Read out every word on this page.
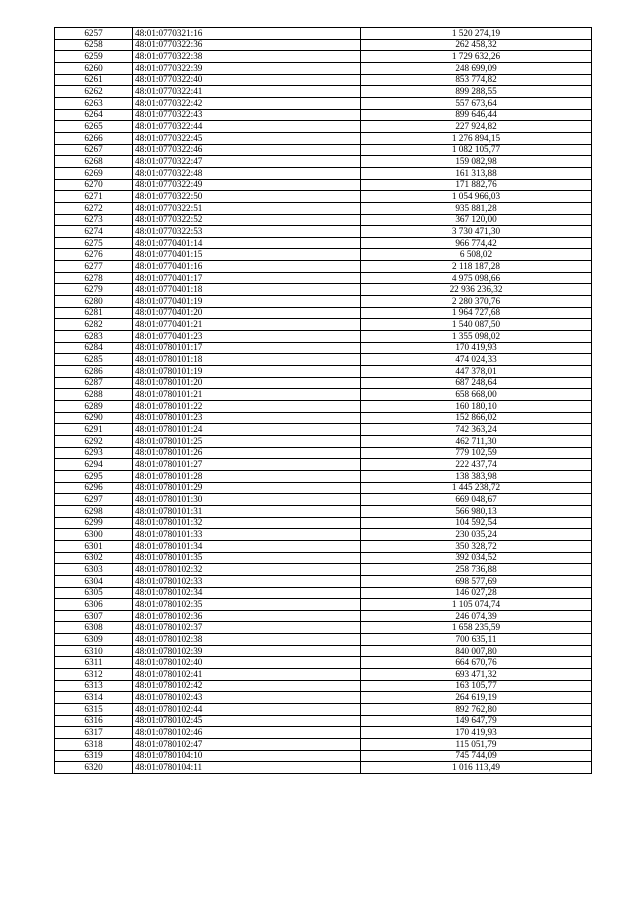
6257	48:01:0770321:16	1 520 274,19
6258	48:01:0770322:36	262 458,32
6259	48:01:0770322:38	1 729 632,26
6260	48:01:0770322:39	248 699,09
6261	48:01:0770322:40	853 774,82
6262	48:01:0770322:41	899 288,55
6263	48:01:0770322:42	557 673,64
6264	48:01:0770322:43	899 646,44
6265	48:01:0770322:44	227 924,82
6266	48:01:0770322:45	1 276 894,15
6267	48:01:0770322:46	1 082 105,77
6268	48:01:0770322:47	159 082,98
6269	48:01:0770322:48	161 313,88
6270	48:01:0770322:49	171 882,76
6271	48:01:0770322:50	1 054 966,03
6272	48:01:0770322:51	935 881,28
6273	48:01:0770322:52	367 120,00
6274	48:01:0770322:53	3 730 471,30
6275	48:01:0770401:14	966 774,42
6276	48:01:0770401:15	6 508,02
6277	48:01:0770401:16	2 118 187,28
6278	48:01:0770401:17	4 975 098,66
6279	48:01:0770401:18	22 936 236,32
6280	48:01:0770401:19	2 280 370,76
6281	48:01:0770401:20	1 964 727,68
6282	48:01:0770401:21	1 540 087,50
6283	48:01:0770401:23	1 355 098,02
6284	48:01:0780101:17	170 419,93
6285	48:01:0780101:18	474 024,33
6286	48:01:0780101:19	447 378,01
6287	48:01:0780101:20	687 248,64
6288	48:01:0780101:21	658 668,00
6289	48:01:0780101:22	160 180,10
6290	48:01:0780101:23	152 866,02
6291	48:01:0780101:24	742 363,24
6292	48:01:0780101:25	462 711,30
6293	48:01:0780101:26	779 102,59
6294	48:01:0780101:27	222 437,74
6295	48:01:0780101:28	138 383,98
6296	48:01:0780101:29	1 445 238,72
6297	48:01:0780101:30	669 048,67
6298	48:01:0780101:31	566 980,13
6299	48:01:0780101:32	104 592,54
6300	48:01:0780101:33	230 035,24
6301	48:01:0780101:34	350 328,72
6302	48:01:0780101:35	392 034,52
6303	48:01:0780102:32	258 736,88
6304	48:01:0780102:33	698 577,69
6305	48:01:0780102:34	146 027,28
6306	48:01:0780102:35	1 105 074,74
6307	48:01:0780102:36	246 074,39
6308	48:01:0780102:37	1 658 235,59
6309	48:01:0780102:38	700 635,11
6310	48:01:0780102:39	840 007,80
6311	48:01:0780102:40	664 670,76
6312	48:01:0780102:41	693 471,32
6313	48:01:0780102:42	163 105,77
6314	48:01:0780102:43	264 619,19
6315	48:01:0780102:44	892 762,80
6316	48:01:0780102:45	149 647,79
6317	48:01:0780102:46	170 419,93
6318	48:01:0780102:47	115 051,79
6319	48:01:0780104:10	745 744,09
6320	48:01:0780104:11	1 016 113,49
